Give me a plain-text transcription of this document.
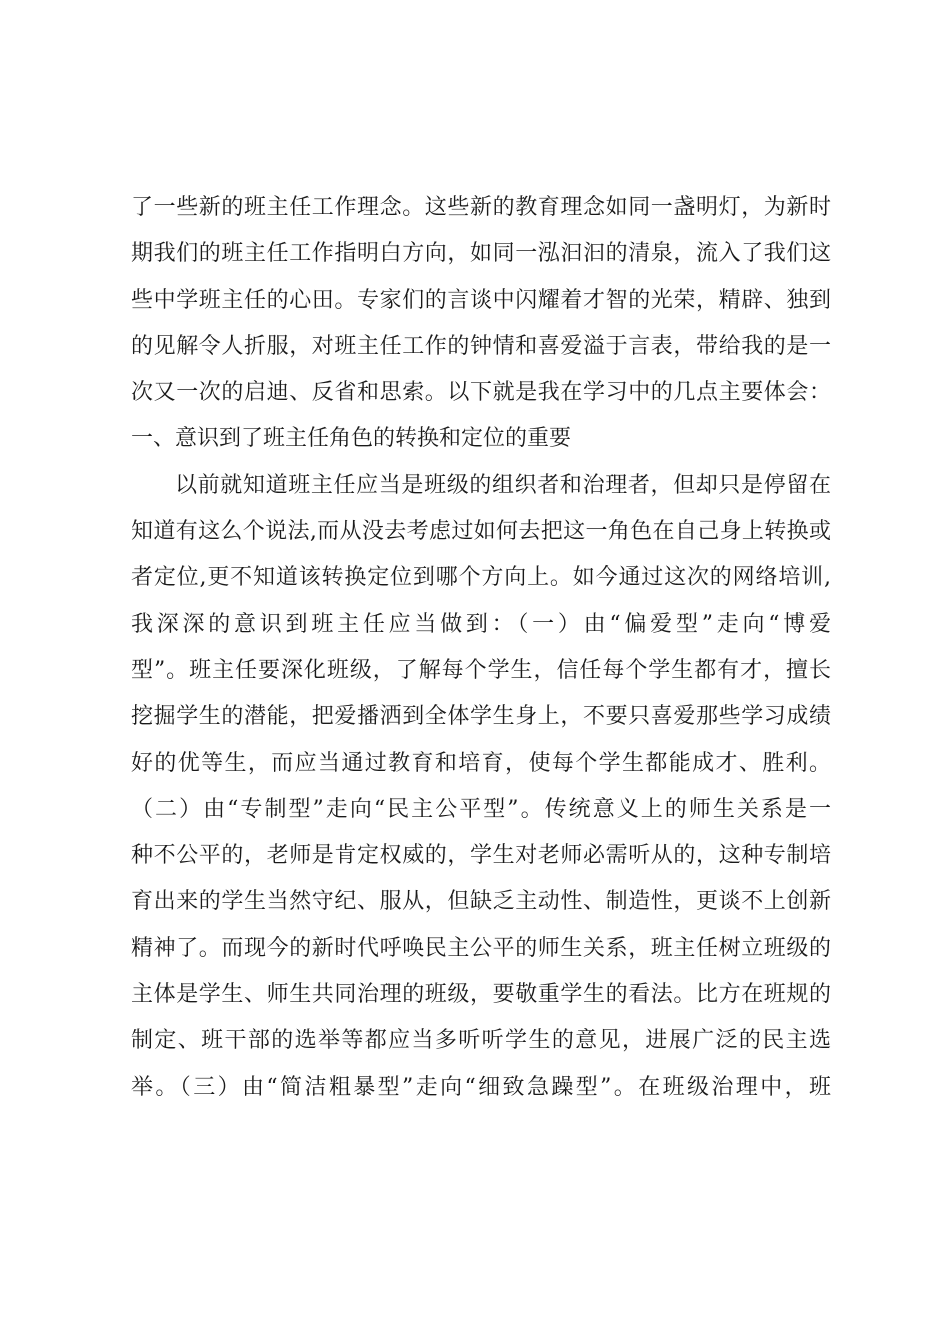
了一些新的班主任工作理念。这些新的教育理念如同一盏明灯，为新时
期我们的班主任工作指明白方向，如同一泓汩汩的清泉，流入了我们这
些中学班主任的心田。专家们的言谈中闪耀着才智的光荣，精辟、独到
的见解令人折服，对班主任工作的钟情和喜爱溢于言表，带给我的是一
次又一次的启迪、反省和思索。以下就是我在学习中的几点主要体会：
一、意识到了班主任角色的转换和定位的重要
以前就知道班主任应当是班级的组织者和治理者，但却只是停留在
知道有这么个说法,而从没去考虑过如何去把这一角色在自己身上转换或
者定位,更不知道该转换定位到哪个方向上。如今通过这次的网络培训,
我深深的意识到班主任应当做到：（一）由“偏爱型”走向“博爱
型”。班主任要深化班级，了解每个学生，信任每个学生都有才，擅长
挖掘学生的潜能，把爱播洒到全体学生身上，不要只喜爱那些学习成绩
好的优等生，而应当通过教育和培育，使每个学生都能成才、胜利。
（二）由“专制型”走向“民主公平型”。传统意义上的师生关系是一
种不公平的，老师是肯定权威的，学生对老师必需听从的，这种专制培
育出来的学生当然守纪、服从，但缺乏主动性、制造性，更谈不上创新
精神了。而现今的新时代呼唤民主公平的师生关系，班主任树立班级的
主体是学生、师生共同治理的班级，要敬重学生的看法。比方在班规的
制定、班干部的选举等都应当多听听学生的意见，进展广泛的民主选
举。（三）由“简洁粗暴型”走向“细致急躁型”。在班级治理中，班
